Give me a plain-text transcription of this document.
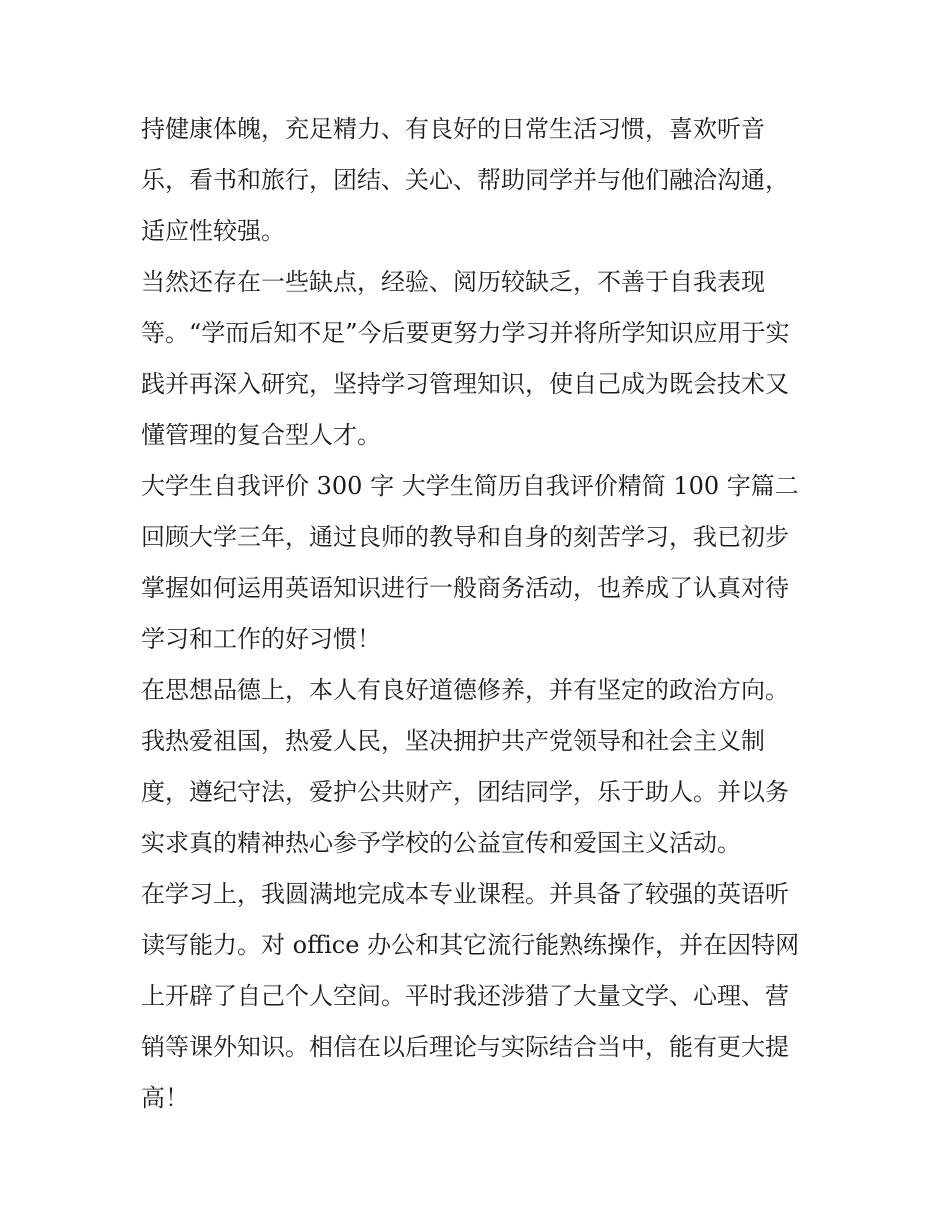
持健康体魄，充足精力、有良好的日常生活习惯，喜欢听音

乐，看书和旅行，团结、关心、帮助同学并与他们融洽沟通，

适应性较强。

当然还存在一些缺点，经验、阅历较缺乏，不善于自我表现

等。“学而后知不足”今后要更努力学习并将所学知识应用于实

践并再深入研究，坚持学习管理知识，使自己成为既会技术又

懂管理的复合型人才。

大学生自我评价 300 字 大学生简历自我评价精简 100 字篇二

回顾大学三年，通过良师的教导和自身的刻苦学习，我已初步

掌握如何运用英语知识进行一般商务活动，也养成了认真对待

学习和工作的好习惯！

在思想品德上，本人有良好道德修养，并有坚定的政治方向。

我热爱祖国，热爱人民，坚决拥护共产党领导和社会主义制

度，遵纪守法，爱护公共财产，团结同学，乐于助人。并以务

实求真的精神热心参予学校的公益宣传和爱国主义活动。

在学习上，我圆满地完成本专业课程。并具备了较强的英语听

读写能力。对 office 办公和其它流行能熟练操作，并在因特网

上开辟了自己个人空间。平时我还涉猎了大量文学、心理、营

销等课外知识。相信在以后理论与实际结合当中，能有更大提

高！
